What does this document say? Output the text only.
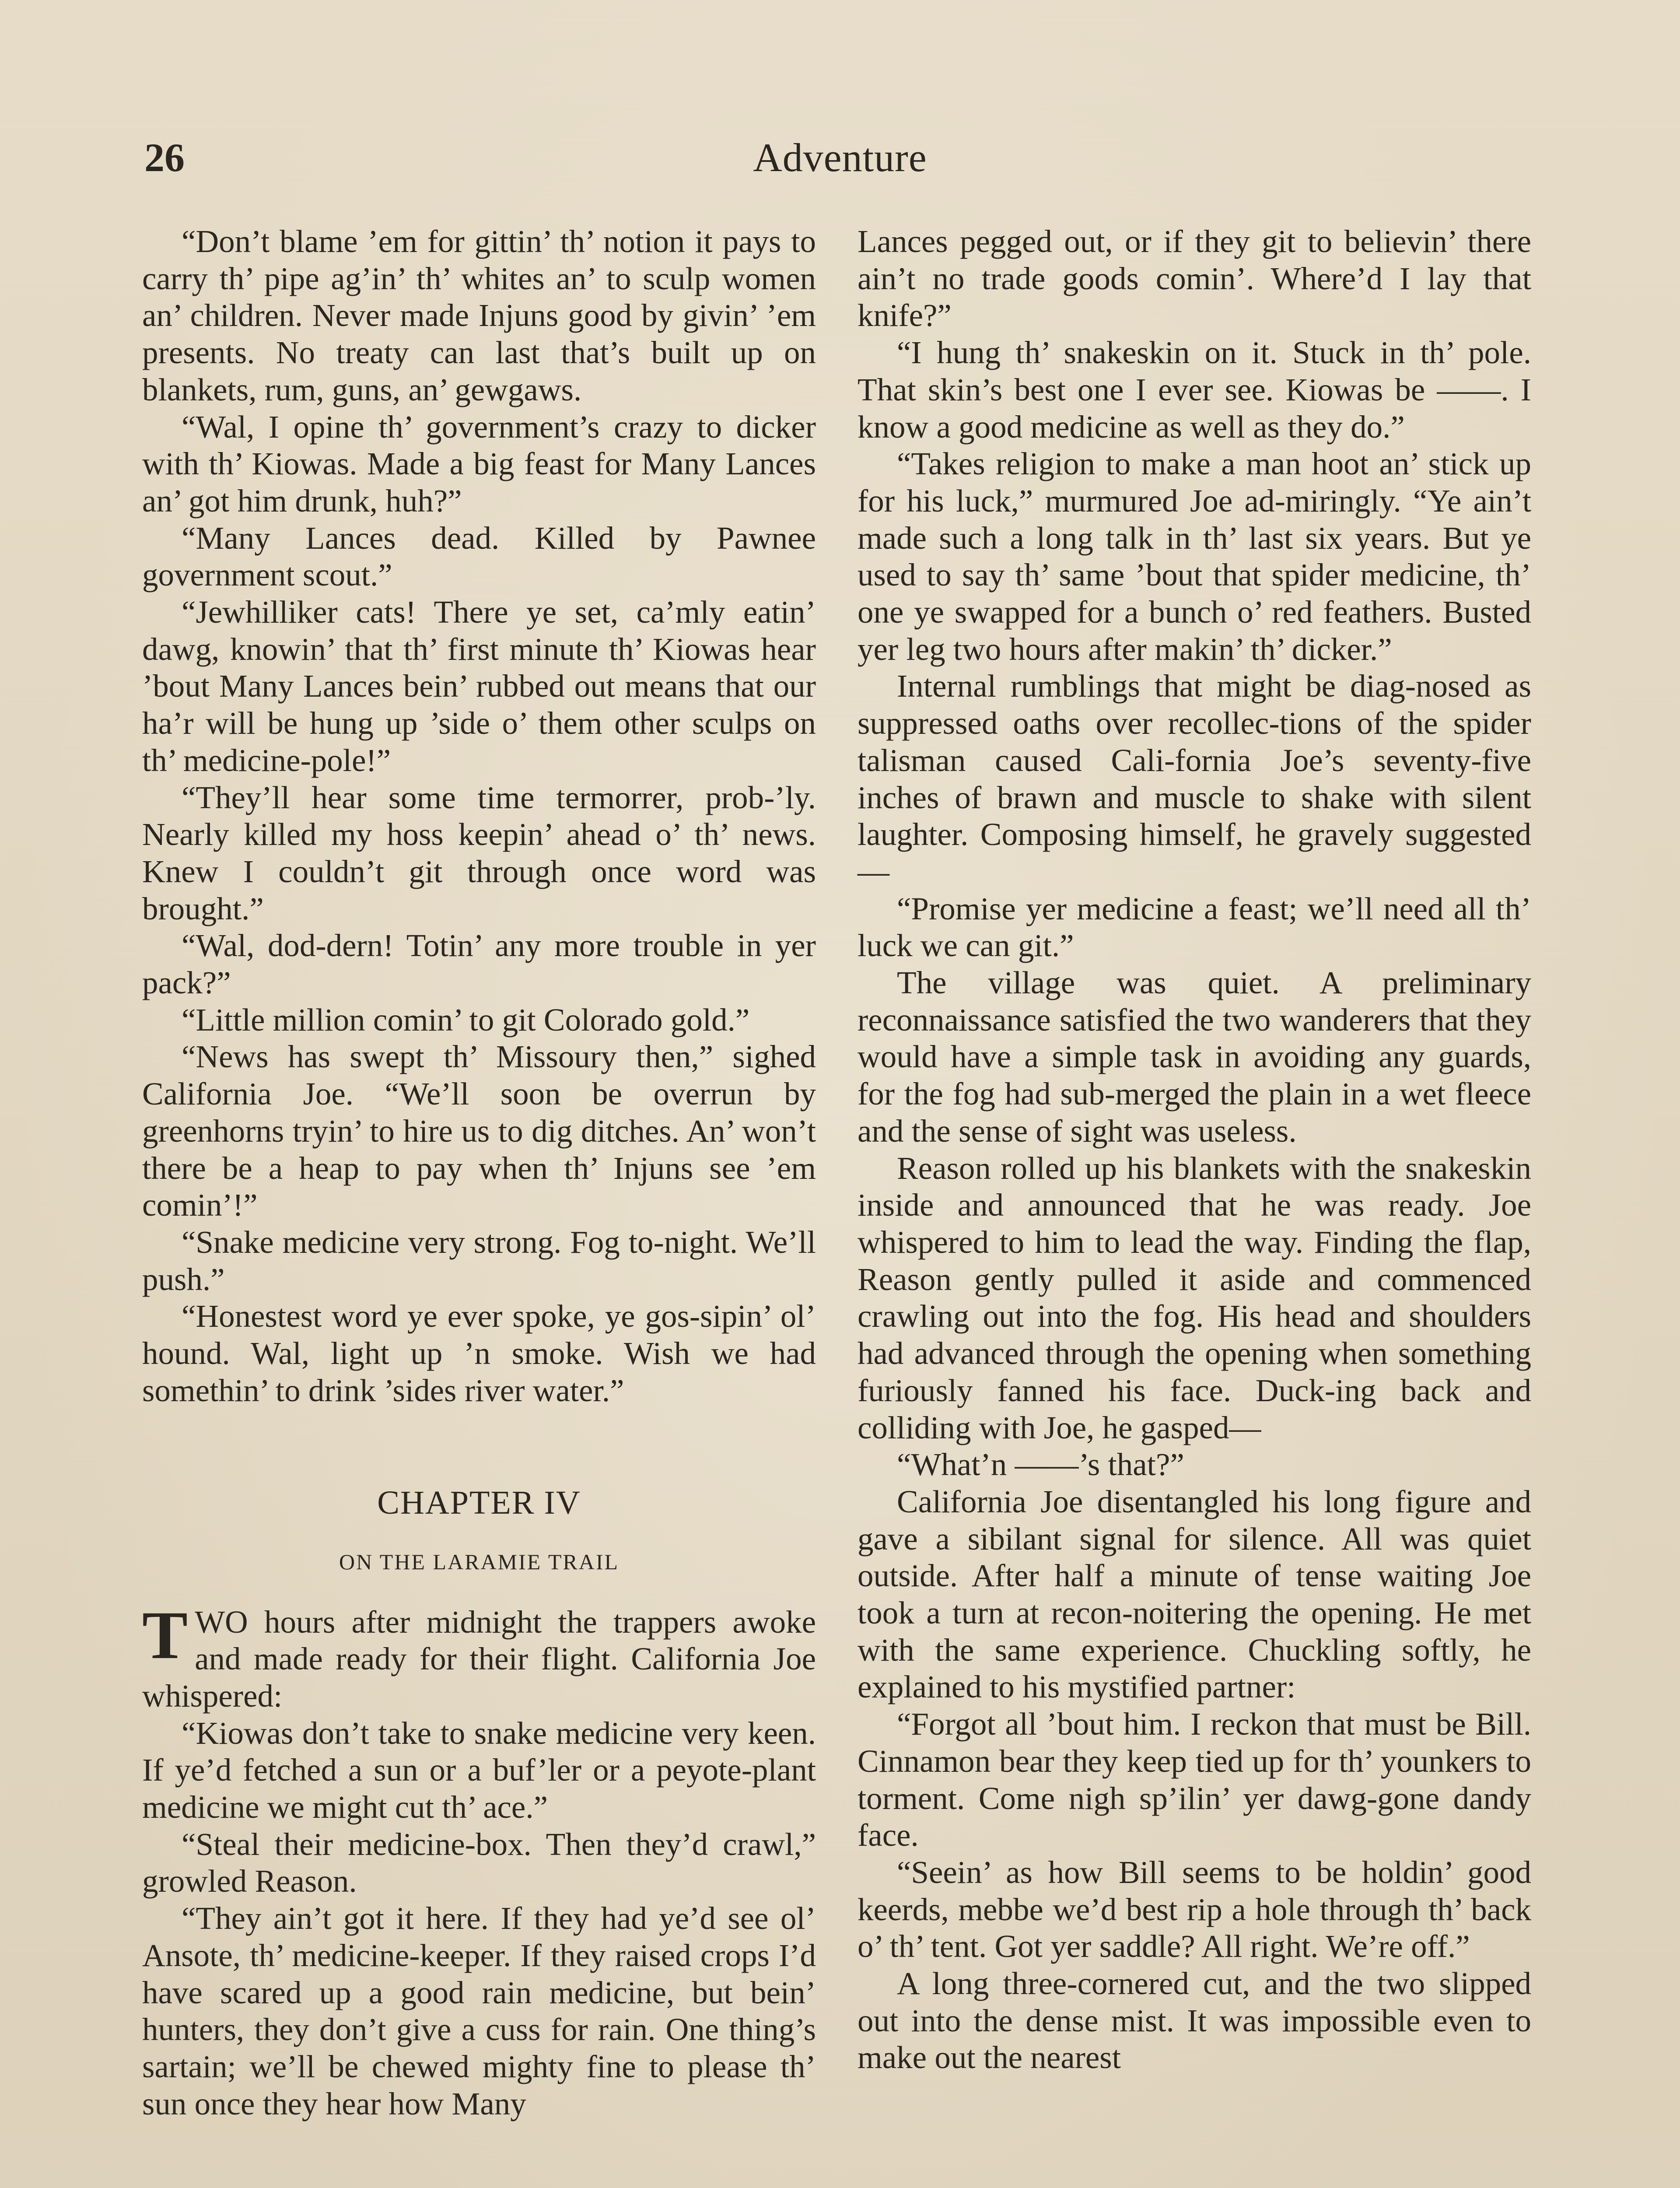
26	Adventure

“Don’t blame ’em for gittin’ th’ notion it pays to carry th’ pipe ag’in’ th’ whites an’ to sculp women an’ children. Never made Injuns good by givin’ ’em presents. No treaty can last that’s built up on blankets, rum, guns, an’ gewgaws.

“Wal, I opine th’ government’s crazy to dicker with th’ Kiowas. Made a big feast for Many Lances an’ got him drunk, huh?”

“Many Lances dead. Killed by Pawnee government scout.”

“Jewhilliker cats! There ye set, ca’mly eatin’ dawg, knowin’ that th’ first minute th’ Kiowas hear ’bout Many Lances bein’ rubbed out means that our ha’r will be hung up ’side o’ them other sculps on th’ medicine-pole!”

“They’ll hear some time termorrer, prob-’ly. Nearly killed my hoss keepin’ ahead o’ th’ news. Knew I couldn’t git through once word was brought.”

“Wal, dod-dern! Totin’ any more trouble in yer pack?”

“Little million comin’ to git Colorado gold.”

“News has swept th’ Missoury then,” sighed California Joe. “We’ll soon be overrun by greenhorns tryin’ to hire us to dig ditches. An’ won’t there be a heap to pay when th’ Injuns see ’em comin’!”

“Snake medicine very strong. Fog to-night. We’ll push.”

“Honestest word ye ever spoke, ye gos-sipin’ ol’ hound. Wal, light up ’n smoke. Wish we had somethin’ to drink ’sides river water.”

CHAPTER IV
ON THE LARAMIE TRAIL

TWO hours after midnight the trappers awoke and made ready for their flight. California Joe whispered:

“Kiowas don’t take to snake medicine very keen. If ye’d fetched a sun or a buf’ler or a peyote-plant medicine we might cut th’ ace.”

“Steal their medicine-box. Then they’d crawl,” growled Reason.

“They ain’t got it here. If they had ye’d see ol’ Ansote, th’ medicine-keeper. If they raised crops I’d have scared up a good rain medicine, but bein’ hunters, they don’t give a cuss for rain. One thing’s sartain; we’ll be chewed mighty fine to please th’ sun once they hear how Many

Lances pegged out, or if they git to believin’ there ain’t no trade goods comin’. Where’d I lay that knife?”

“I hung th’ snakeskin on it. Stuck in th’ pole. That skin’s best one I ever see. Kiowas be ——. I know a good medicine as well as they do.”

“Takes religion to make a man hoot an’ stick up for his luck,” murmured Joe ad-miringly. “Ye ain’t made such a long talk in th’ last six years. But ye used to say th’ same ’bout that spider medicine, th’ one ye swapped for a bunch o’ red feathers. Busted yer leg two hours after makin’ th’ dicker.”

Internal rumblings that might be diag-nosed as suppressed oaths over recollec-tions of the spider talisman caused Cali-fornia Joe’s seventy-five inches of brawn and muscle to shake with silent laughter. Composing himself, he gravely suggested—

“Promise yer medicine a feast; we’ll need all th’ luck we can git.”

The village was quiet. A preliminary reconnaissance satisfied the two wanderers that they would have a simple task in avoiding any guards, for the fog had sub-merged the plain in a wet fleece and the sense of sight was useless.

Reason rolled up his blankets with the snakeskin inside and announced that he was ready. Joe whispered to him to lead the way. Finding the flap, Reason gently pulled it aside and commenced crawling out into the fog. His head and shoulders had advanced through the opening when something furiously fanned his face. Duck-ing back and colliding with Joe, he gasped—

“What’n ——’s that?”

California Joe disentangled his long figure and gave a sibilant signal for silence. All was quiet outside. After half a minute of tense waiting Joe took a turn at recon-noitering the opening. He met with the same experience. Chuckling softly, he explained to his mystified partner:

“Forgot all ’bout him. I reckon that must be Bill. Cinnamon bear they keep tied up for th’ younkers to torment. Come nigh sp’ilin’ yer dawg-gone dandy face.

“Seein’ as how Bill seems to be holdin’ good keerds, mebbe we’d best rip a hole through th’ back o’ th’ tent. Got yer saddle? All right. We’re off.”

A long three-cornered cut, and the two slipped out into the dense mist. It was impossible even to make out the nearest
